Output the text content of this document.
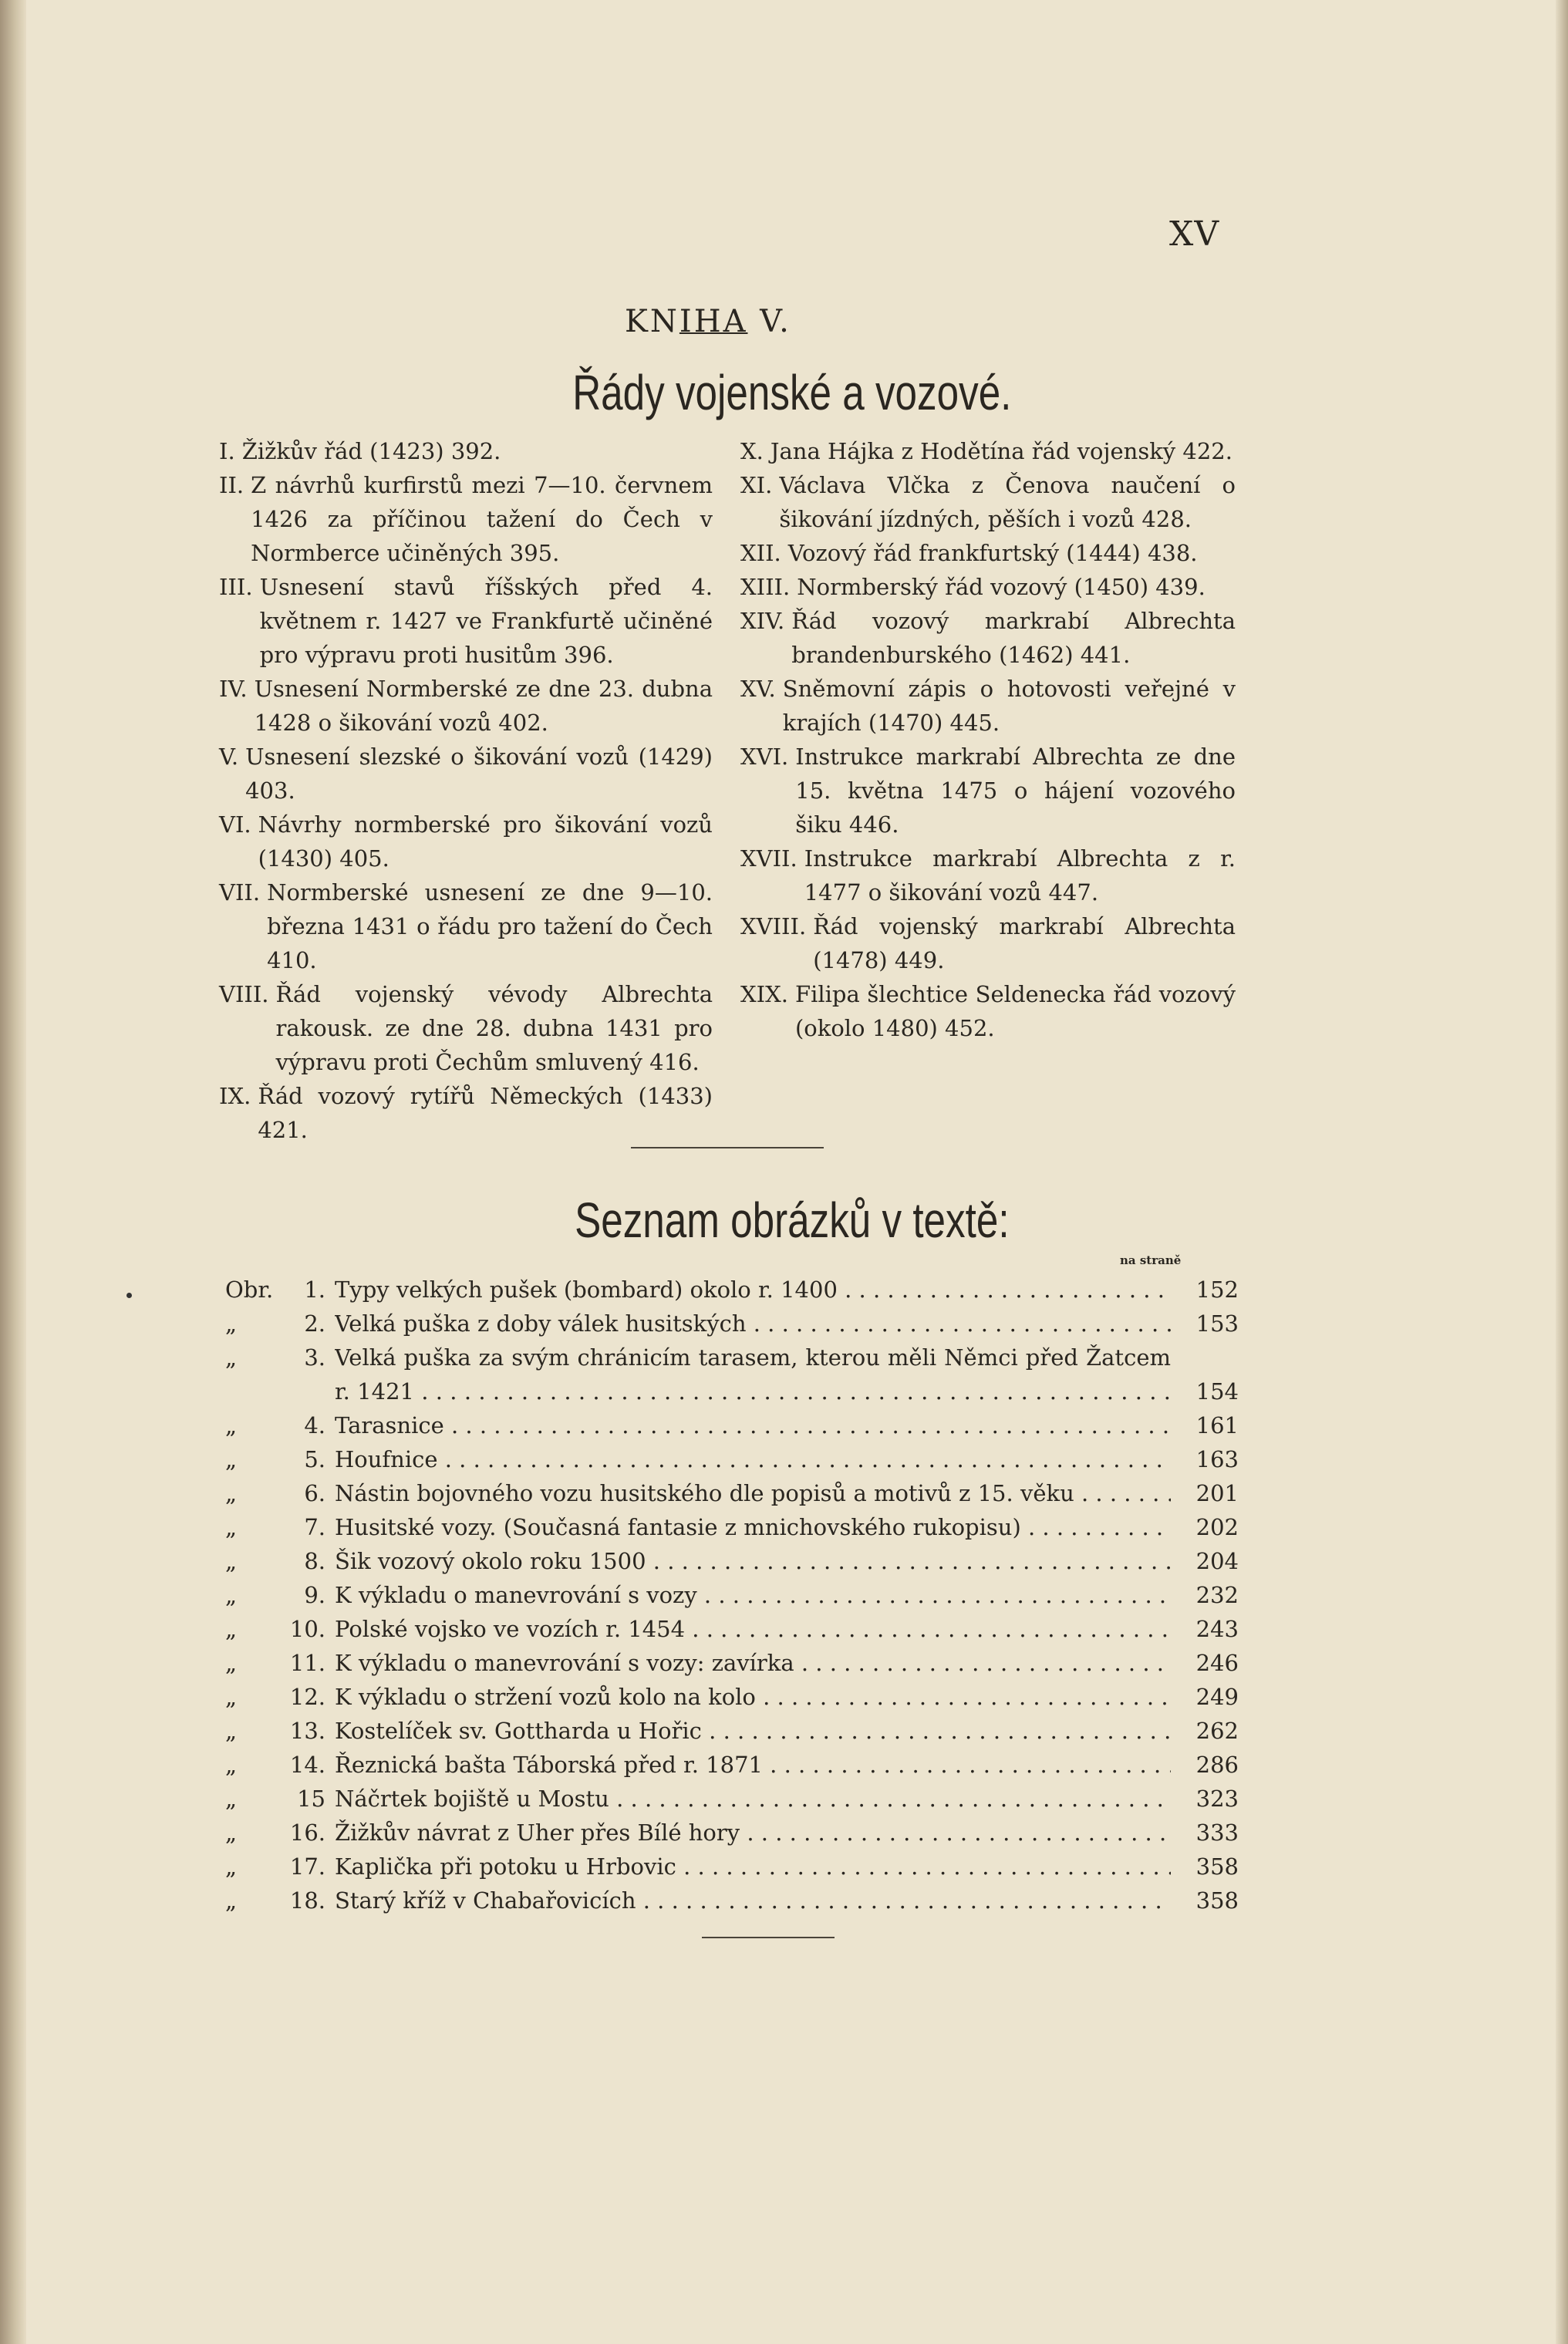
XV
KNIHA V.
Řády vojenské a vozové.
I. Žižkův řád (1423) 392.
II. Z návrhů kurfirstů mezi 7—10. červnem 1426 za příčinou tažení do Čech v Normberce učiněných 395.
III. Usnesení stavů říšských před 4. květnem r. 1427 ve Frankfurtě učiněné pro výpravu proti husitům 396.
IV. Usnesení Normberské ze dne 23. dubna 1428 o šikování vozů 402.
V. Usnesení slezské o šikování vozů (1429) 403.
VI. Návrhy normberské pro šikování vozů (1430) 405.
VII. Normberské usnesení ze dne 9—10. března 1431 o řádu pro tažení do Čech 410.
VIII. Řád vojenský vévody Albrechta rakousk. ze dne 28. dubna 1431 pro výpravu proti Čechům smluvený 416.
IX. Řád vozový rytířů Německých (1433) 421.
X. Jana Hájka z Hodětína řád vojenský 422.
XI. Václava Vlčka z Čenova naučení o šikování jízdných, pěších i vozů 428.
XII. Vozový řád frankfurtský (1444) 438.
XIII. Normberský řád vozový (1450) 439.
XIV. Řád vozový markrabí Albrechta brandenburského (1462) 441.
XV. Sněmovní zápis o hotovosti veřejné v krajích (1470) 445.
XVI. Instrukce markrabí Albrechta ze dne 15. května 1475 o hájení vozového šiku 446.
XVII. Instrukce markrabí Albrechta z r. 1477 o šikování vozů 447.
XVIII. Řád vojenský markrabí Albrechta (1478) 449.
XIX. Filipa šlechtice Seldenecka řád vozový (okolo 1480) 452.
Seznam obrázků v textě:
na straně
Obr.	1. Typy velkých pušek (bombard) okolo r. 1400 . . .	152
„	2. Velká puška z doby válek husitských . . .	153
„	3. Velká puška za svým chránicím tarasem, kterou měli Němci před Žatcem r. 1421 . . .	154
„	4. Tarasnice . . .	161
„	5. Houfnice . . .	163
„	6. Nástin bojovného vozu husitského dle popisů a motivů z 15. věku . . .	201
„	7. Husitské vozy. (Současná fantasie z mnichovského rukopisu) . . .	202
„	8. Šik vozový okolo roku 1500 . . .	204
„	9. K výkladu o manevrování s vozy . . .	232
„ 10. Polské vojsko ve vozích r. 1454 . . .	243
„ 11. K výkladu o manevrování s vozy: zavírka . . .	246
„ 12. K výkladu o stržení vozů kolo na kolo . . .	249
„ 13. Kostelíček sv. Gottharda u Hořic . . .	262
„ 14. Řeznická bašta Táborská před r. 1871 . . .	286
„	15 Náčrtek bojiště u Mostu . . .	323
„ 16. Žižkův návrat z Uher přes Bílé hory . . .	333
„ 17. Kaplička při potoku u Hrbovic . . .	358
„ 18. Starý kříž v Chabařovicích . . .	358
